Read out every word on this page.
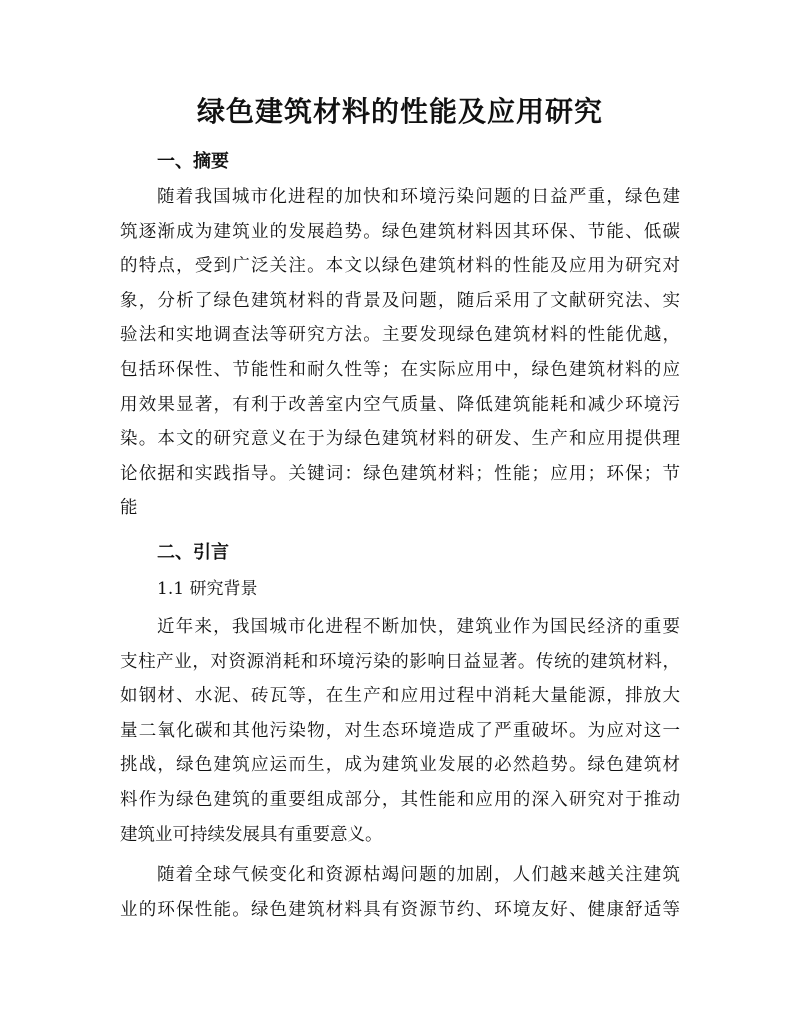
绿色建筑材料的性能及应用研究
一、摘要
随着我国城市化进程的加快和环境污染问题的日益严重，绿色建
筑逐渐成为建筑业的发展趋势。绿色建筑材料因其环保、节能、低碳
的特点，受到广泛关注。本文以绿色建筑材料的性能及应用为研究对
象，分析了绿色建筑材料的背景及问题，随后采用了文献研究法、实
验法和实地调查法等研究方法。主要发现绿色建筑材料的性能优越，
包括环保性、节能性和耐久性等；在实际应用中，绿色建筑材料的应
用效果显著，有利于改善室内空气质量、降低建筑能耗和减少环境污
染。本文的研究意义在于为绿色建筑材料的研发、生产和应用提供理
论依据和实践指导。关键词：绿色建筑材料；性能；应用；环保；节
能
二、引言
1.1 研究背景
近年来，我国城市化进程不断加快，建筑业作为国民经济的重要
支柱产业，对资源消耗和环境污染的影响日益显著。传统的建筑材料，
如钢材、水泥、砖瓦等，在生产和应用过程中消耗大量能源，排放大
量二氧化碳和其他污染物，对生态环境造成了严重破坏。为应对这一
挑战，绿色建筑应运而生，成为建筑业发展的必然趋势。绿色建筑材
料作为绿色建筑的重要组成部分，其性能和应用的深入研究对于推动
建筑业可持续发展具有重要意义。
随着全球气候变化和资源枯竭问题的加剧，人们越来越关注建筑
业的环保性能。绿色建筑材料具有资源节约、环境友好、健康舒适等
